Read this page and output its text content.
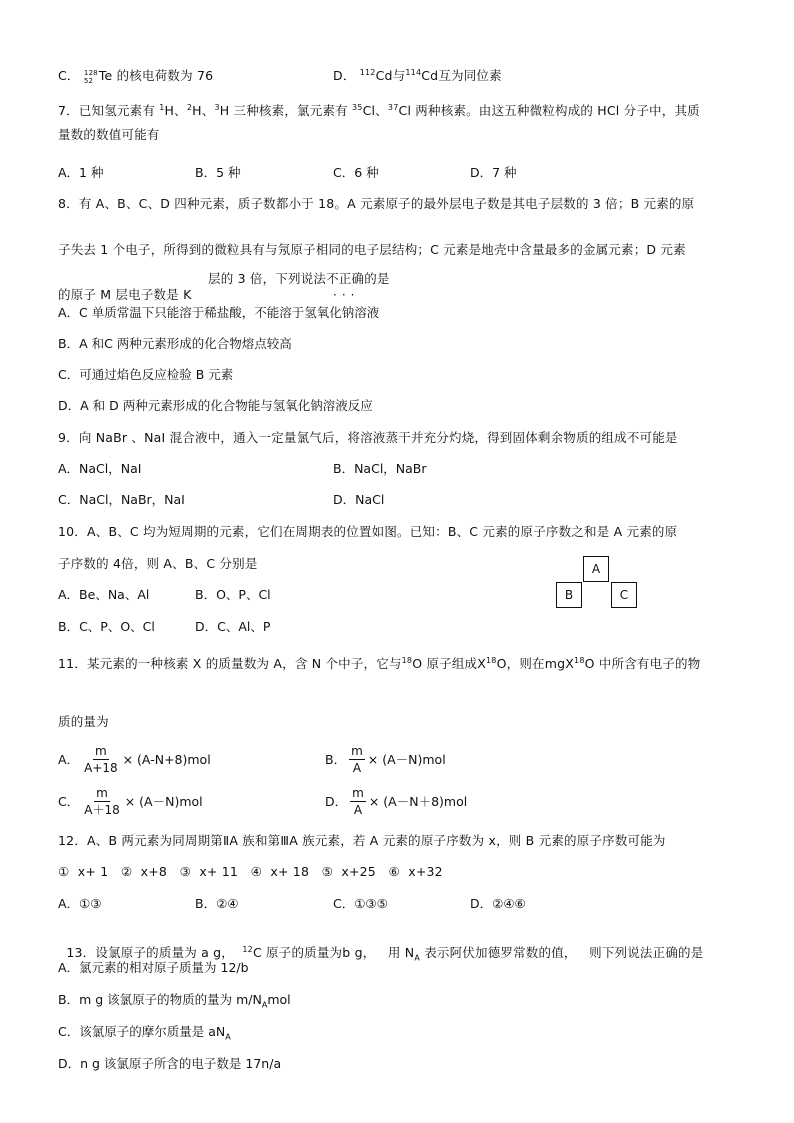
C． 128
52 Te 的核电荷数为 76	D． $^{112}$Cd与$^{114}$Cd互为同位素
7．已知氢元素有 $^1$H、$^2$H、$^3$H 三种核素，氯元素有 $^{35}$Cl、$^{37}$Cl 两种核素。由这五种微粒构成的 HCl 分子中，其质
量数的数值可能有
A．1 种	B．5 种	C．6 种	D．7 种
8．有 A、B、C、D 四种元素，质子数都小于 18。A 元素原子的最外层电子数是其电子层数的 3 倍；B 元素的原
子失去 1 个电子，所得到的微粒具有与氖原子相同的电子层结构；C 元素是地壳中含量最多的金属元素；D 元素
层的 3 倍，下列说法不正确的是
的原子 M 层电子数是 K	···
A．C 单质常温下只能溶于稀盐酸，不能溶于氢氧化钠溶液
B．A 和C 两种元素形成的化合物熔点较高
C．可通过焰色反应检验 B 元素
D．A 和 D 两种元素形成的化合物能与氢氧化钠溶液反应
9．向 NaBr 、NaI 混合液中，通入一定量氯气后，将溶液蒸干并充分灼烧，得到固体剩余物质的组成不可能是
A．NaCl，NaI	B．NaCl，NaBr
C．NaCl，NaBr，NaI	D．NaCl
10．A、B、C 均为短周期的元素，它们在周期表的位置如图。已知：B、C 元素的原子序数之和是 A 元素的原
子序数的 4倍，则 A、B、C 分别是
A．Be、Na、Al	B．O、P、Cl
B．C、P、O、Cl	D．C、Al、P
A
B	C
11．某元素的一种核素 X 的质量数为 A，含 N 个中子，它与$^{18}$O 原子组成$X^{18}O$，则在mgX$^{18}$O 中所含有电子的物
质的量为
A． $\frac{m}{A+18} \times (A-N+8)mol$	B． $\frac{m}{A} \times (A-N)mol$
C． $\frac{m}{A+18} \times (A-N)mol$	D． $\frac{m}{A} \times (A-N+8)mol$
12．A、B 两元素为同周期第ⅡA 族和第ⅢA 族元素，若 A 元素的原子序数为 x，则 B 元素的原子序数可能为
①  x+ 1   ②  x+8   ③  x+ 11   ④  x+ 18   ⑤  x+25   ⑥  x+32
A．①③	B．②④	C．①③⑤	D．②④⑥

13．设氯原子的质量为 a g，  $^{12}$C 原子的质量为b g，   用 $N_A$ 表示阿伏加德罗常数的值，   则下列说法正确的是

A．氯元素的相对原子质量为 12/b
B．m g 该氯原子的物质的量为 $m/N_Amol$
C．该氯原子的摩尔质量是 $aN_A$
D．n g 该氯原子所含的电子数是 17n/a
